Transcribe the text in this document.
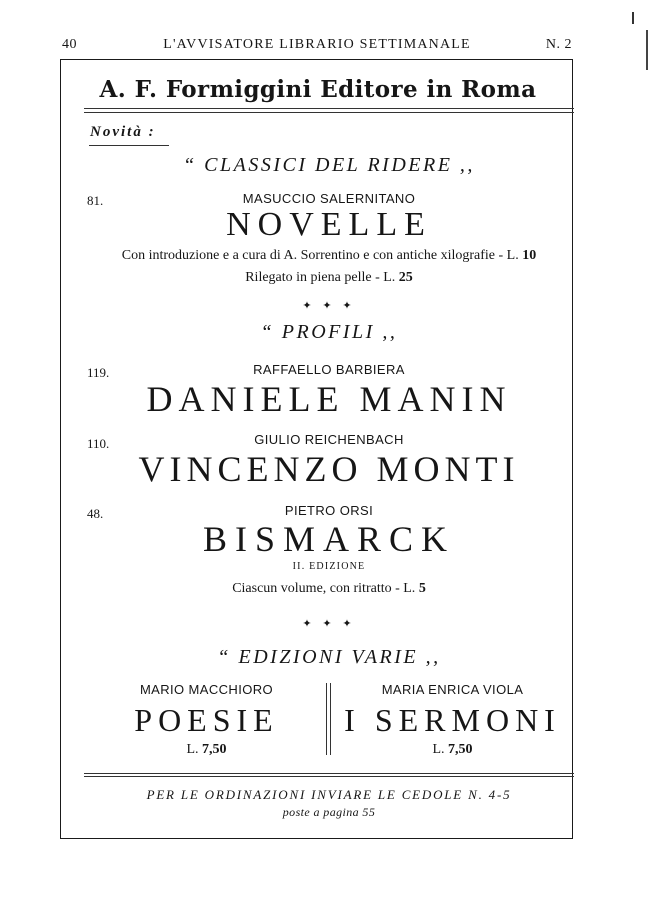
40	L'AVVISATORE LIBRARIO SETTIMANALE	N. 2
A. F. Formiggini Editore in Roma
Novità :
“ CLASSICI DEL RIDERE ,,
81.	MASUCCIO SALERNITANO
NOVELLE
Con introduzione e a cura di A. Sorrentino e con antiche xilografie - L. 10
Rilegato in piena pelle - L. 25
✦ ✦ ✦
“ PROFILI ,,
119.	RAFFAELLO BARBIERA
DANIELE MANIN
110.	GIULIO REICHENBACH
VINCENZO MONTI
48.	PIETRO ORSI
BISMARCK
II. EDIZIONE
Ciascun volume, con ritratto - L. 5
✦ ✦ ✦
“ EDIZIONI VARIE ,,
MARIO MACCHIORO
POESIE
L. 7,50
MARIA ENRICA VIOLA
I SERMONI
L. 7,50
PER LE ORDINAZIONI INVIARE LE CEDOLE N. 4-5
poste a pagina 55
